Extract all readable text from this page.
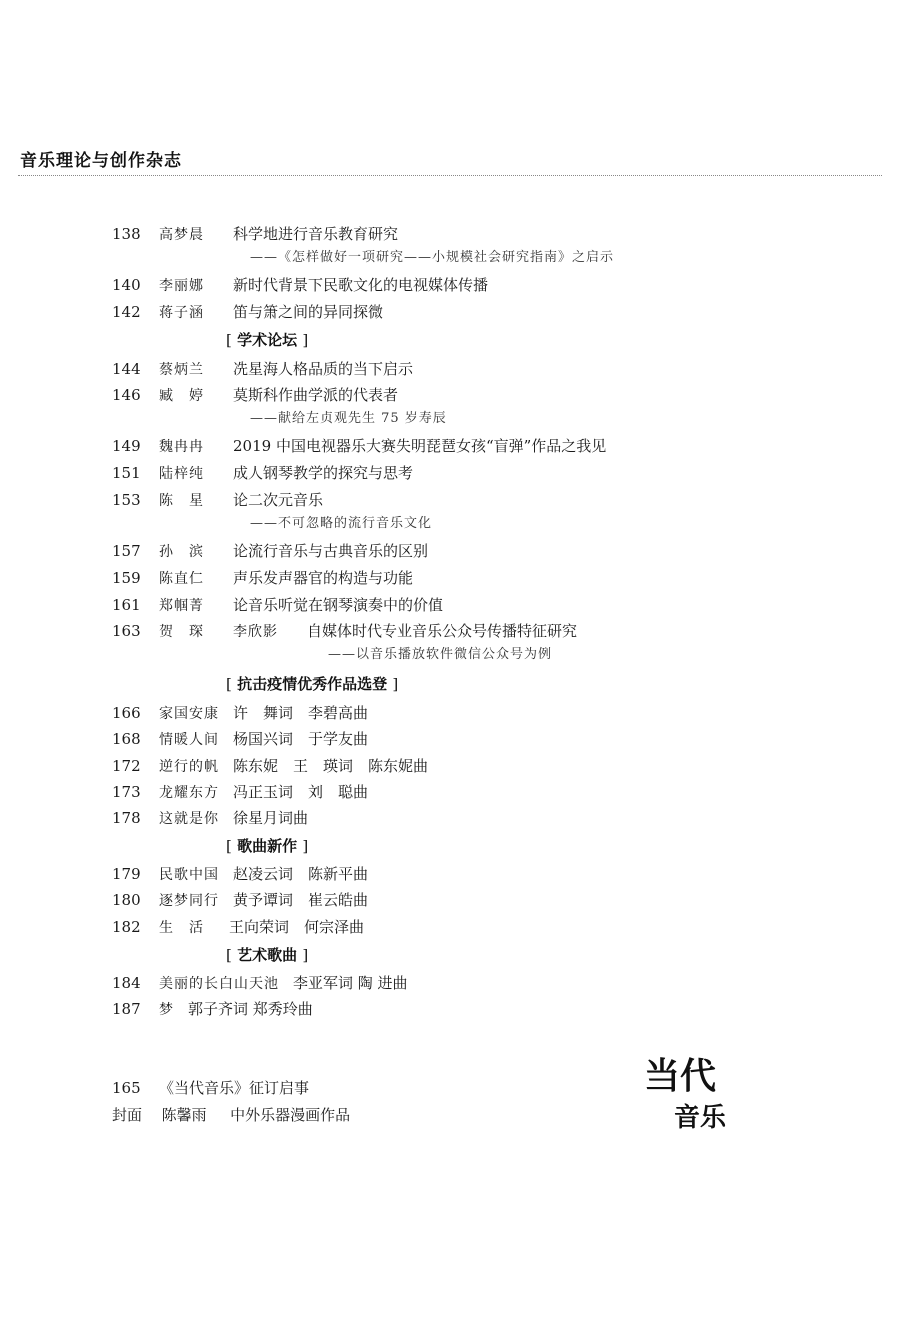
音乐理论与创作杂志
138 高梦晨 科学地进行音乐教育研究
——《怎样做好一项研究——小规模社会研究指南》之启示
140 李丽娜 新时代背景下民歌文化的电视媒体传播
142 蒋子涵 笛与箫之间的异同探微
[ 学术论坛 ]
144 蔡炳兰 冼星海人格品质的当下启示
146 臧　婷 莫斯科作曲学派的代表者
——献给左贞观先生 75 岁寿辰
149 魏冉冉 2019 中国电视器乐大赛失明琵琶女孩“盲弹”作品之我见
151 陆梓纯 成人钢琴教学的探究与思考
153 陈　星 论二次元音乐
——不可忽略的流行音乐文化
157 孙　滨 论流行音乐与古典音乐的区别
159 陈直仁 声乐发声器官的构造与功能
161 郑帼菁 论音乐听觉在钢琴演奏中的价值
163 贺　琛 李欣影 自媒体时代专业音乐公众号传播特征研究
——以音乐播放软件微信公众号为例
[ 抗击疫情优秀作品选登 ]
166 家国安康 许　舞词　李碧高曲
168 情暖人间 杨国兴词　于学友曲
172 逆行的帆 陈东妮　王　瑛词　陈东妮曲
173 龙耀东方 冯正玉词　刘　聪曲
178 这就是你 徐星月词曲
[ 歌曲新作 ]
179 民歌中国 赵凌云词　陈新平曲
180 逐梦同行 黄予谭词　崔云皓曲
182 生　活 王向荣词　何宗泽曲
[ 艺术歌曲 ]
184 美丽的长白山天池 李亚军词 陶 进曲
187 梦 郭子齐词 郑秀玲曲
165 《当代音乐》征订启事
封面 陈馨雨 中外乐器漫画作品
当代
音乐
